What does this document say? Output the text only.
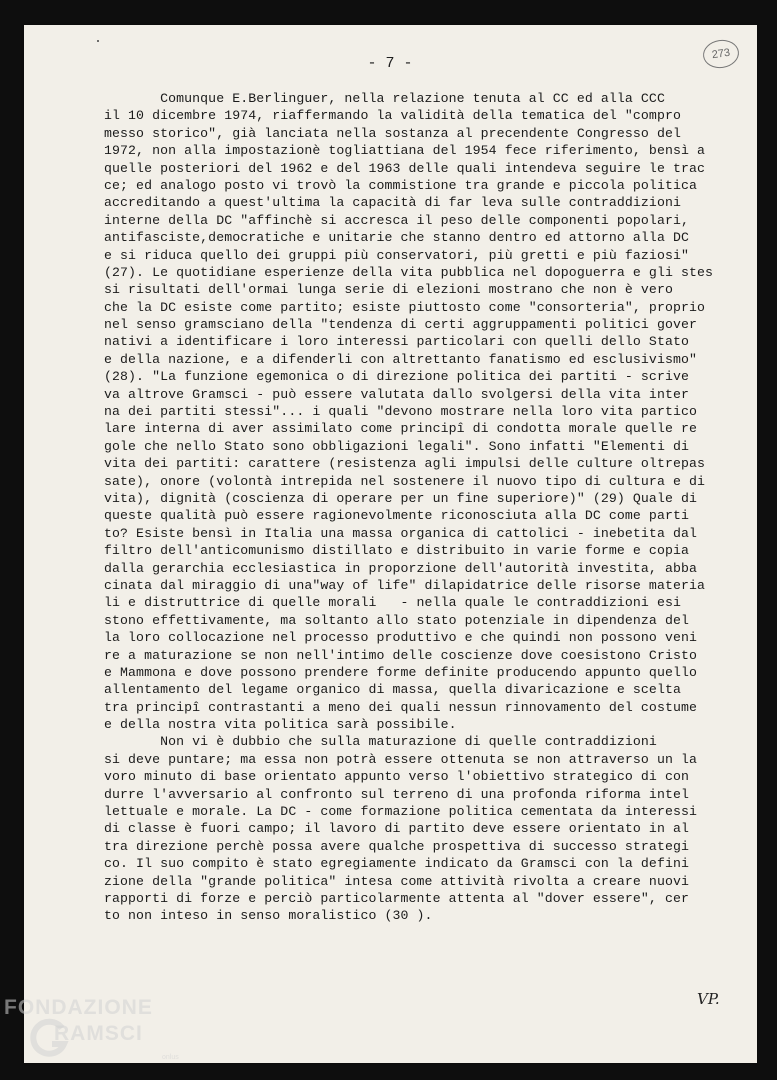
- 7 -
273
Comunque E.Berlinguer, nella relazione tenuta al CC ed alla CCC
il 10 dicembre 1974, riaffermando la validità della tematica del "compro
messo storico", già lanciata nella sostanza al precendente Congresso del
1972, non alla impostazionè togliattiana del 1954 fece riferimento, bensì a
quelle posteriori del 1962 e del 1963 delle quali intendeva seguire le trac
ce; ed analogo posto vi trovò la commistione tra grande e piccola politica
accreditando a quest'ultima la capacità di far leva sulle contraddizioni
interne della DC "affinchè si accresca il peso delle componenti popolari,
antifasciste,democratiche e unitarie che stanno dentro ed attorno alla DC
e si riduca quello dei gruppi più conservatori, più gretti e più faziosi"
(27). Le quotidiane esperienze della vita pubblica nel dopoguerra e gli stes
si risultati dell'ormai lunga serie di elezioni mostrano che non è vero
che la DC esiste come partito; esiste piuttosto come "consorteria", proprio
nel senso gramsciano della "tendenza di certi aggruppamenti politici gover
nativi a identificare i loro interessi particolari con quelli dello Stato
e della nazione, e a difenderli con altrettanto fanatismo ed esclusivismo"
(28). "La funzione egemonica o di direzione politica dei partiti - scrive
va altrove Gramsci - può essere valutata dallo svolgersi della vita inter
na dei partiti stessi"... i quali "devono mostrare nella loro vita partico
lare interna di aver assimilato come principî di condotta morale quelle re
gole che nello Stato sono obbligazioni legali". Sono infatti "Elementi di
vita dei partiti: carattere (resistenza agli impulsi delle culture oltrepas
sate), onore (volontà intrepida nel sostenere il nuovo tipo di cultura e di
vita), dignità (coscienza di operare per un fine superiore)" (29) Quale di
queste qualità può essere ragionevolmente riconosciuta alla DC come parti
to? Esiste bensì in Italia una massa organica di cattolici - inebetita dal
filtro dell'anticomunismo distillato e distribuito in varie forme e copia
dalla gerarchia ecclesiastica in proporzione dell'autorità investita, abba
cinata dal miraggio di una"way of life" dilapidatrice delle risorse materia
li e distruttrice di quelle morali   - nella quale le contraddizioni esi
stono effettivamente, ma soltanto allo stato potenziale in dipendenza del
la loro collocazione nel processo produttivo e che quindi non possono veni
re a maturazione se non nell'intimo delle coscienze dove coesistono Cristo
e Mammona e dove possono prendere forme definite producendo appunto quello
allentamento del legame organico di massa, quella divaricazione e scelta
tra principî contrastanti a meno dei quali nessun rinnovamento del costume
e della nostra vita politica sarà possibile.
Non vi è dubbio che sulla maturazione di quelle contraddizioni
si deve puntare; ma essa non potrà essere ottenuta se non attraverso un la
voro minuto di base orientato appunto verso l'obiettivo strategico di con
durre l'avversario al confronto sul terreno di una profonda riforma intel
lettuale e morale. La DC - come formazione politica cementata da interessi
di classe è fuori campo; il lavoro di partito deve essere orientato in al
tra direzione perchè possa avere qualche prospettiva di successo strategi
co. Il suo compito è stato egregiamente indicato da Gramsci con la defini
zione della "grande politica" intesa come attività rivolta a creare nuovi
rapporti di forze e perciò particolarmente attenta al "dover essere", cer
to non inteso in senso moralistico (30 ).
VP.
FONDAZIONE
RAMSCI
onlus
